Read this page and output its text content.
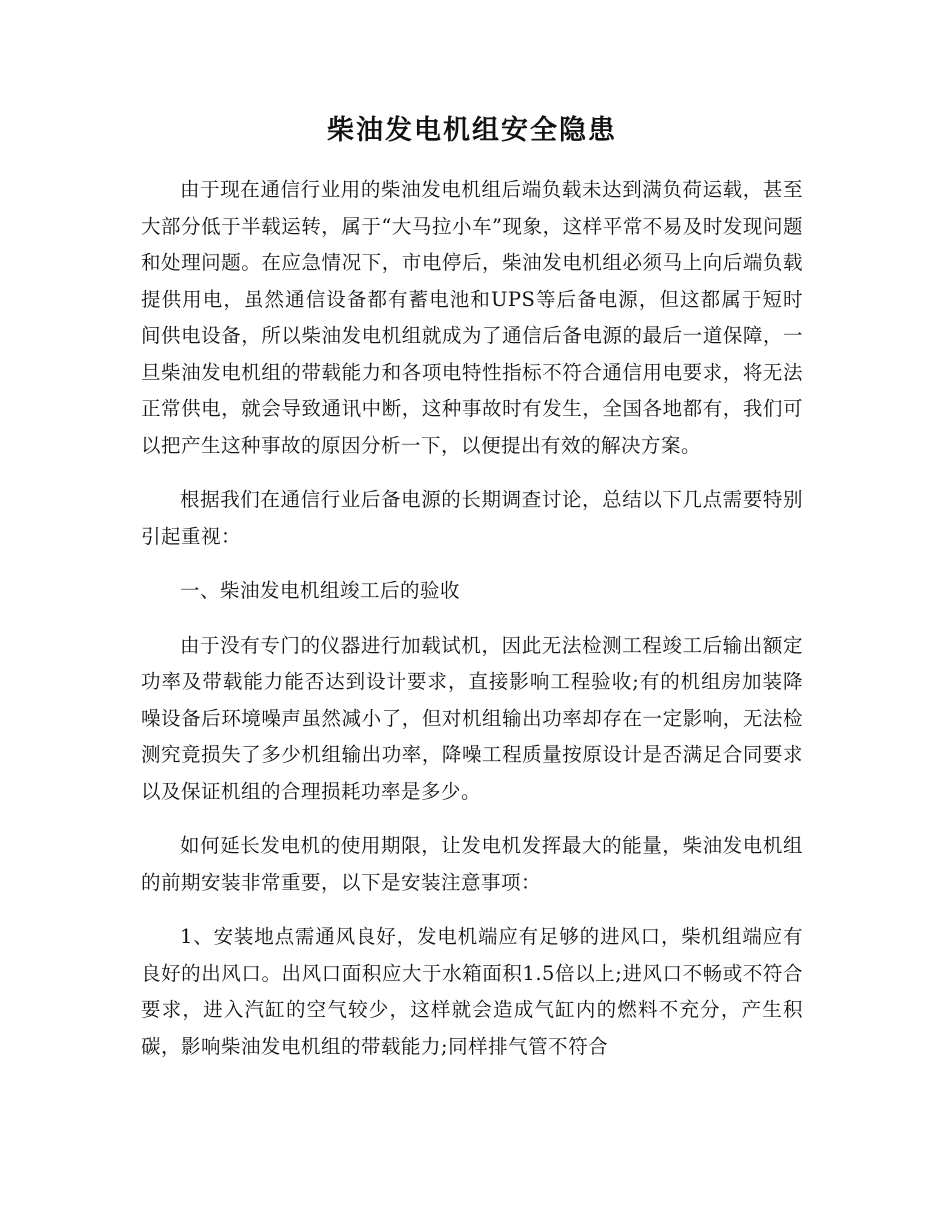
柴油发电机组安全隐患

由于现在通信行业用的柴油发电机组后端负载未达到满负荷运载，甚至大部分低于半载运转，属于“大马拉小车”现象，这样平常不易及时发现问题和处理问题。在应急情况下，市电停后，柴油发电机组必须马上向后端负载提供用电，虽然通信设备都有蓄电池和UPS等后备电源，但这都属于短时间供电设备，所以柴油发电机组就成为了通信后备电源的最后一道保障，一旦柴油发电机组的带载能力和各项电特性指标不符合通信用电要求，将无法正常供电，就会导致通讯中断，这种事故时有发生，全国各地都有，我们可以把产生这种事故的原因分析一下，以便提出有效的解决方案。

根据我们在通信行业后备电源的长期调查讨论，总结以下几点需要特别引起重视：

一、柴油发电机组竣工后的验收

由于没有专门的仪器进行加载试机，因此无法检测工程竣工后输出额定功率及带载能力能否达到设计要求，直接影响工程验收;有的机组房加装降噪设备后环境噪声虽然减小了，但对机组输出功率却存在一定影响，无法检测究竟损失了多少机组输出功率，降噪工程质量按原设计是否满足合同要求以及保证机组的合理损耗功率是多少。

如何延长发电机的使用期限，让发电机发挥最大的能量，柴油发电机组的前期安装非常重要，以下是安装注意事项：

1、安装地点需通风良好，发电机端应有足够的进风口，柴机组端应有良好的出风口。出风口面积应大于水箱面积1.5倍以上;进风口不畅或不符合要求，进入汽缸的空气较少，这样就会造成气缸内的燃料不充分，产生积碳，影响柴油发电机组的带载能力;同样排气管不符合
